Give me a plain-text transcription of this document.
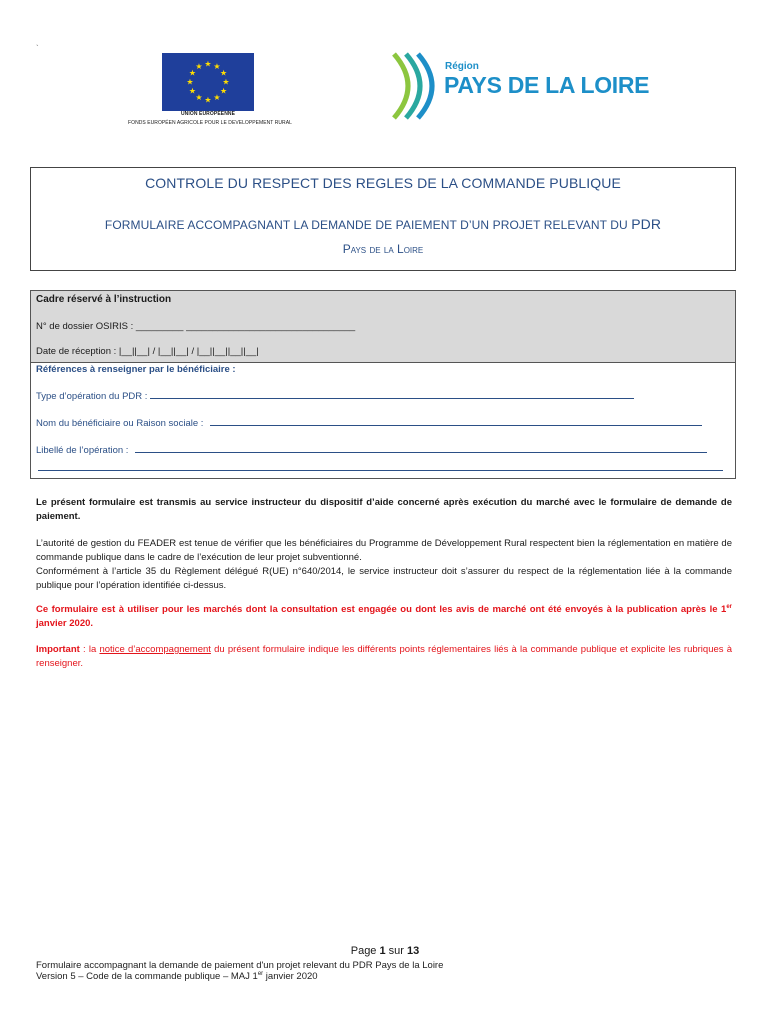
`
★ ★
★
★
★
★
★
★
★
★
★
★
UNION EUROPÉENNE
FONDS EUROPÉEN AGRICOLE POUR LE DEVELOPPEMENT RURAL
Région
PAYS DE LA LOIRE
CONTROLE DU RESPECT DES REGLES DE LA COMMANDE PUBLIQUE
FORMULAIRE ACCOMPAGNANT LA DEMANDE DE PAIEMENT D’UN PROJET RELEVANT DU PDR
Pays de la Loire
Cadre réservé à l’instruction
N° de dossier OSIRIS : _________ ________________________________
Date de réception : |__||__| / |__||__| / |__||__||__||__|
Références à renseigner par le bénéficiaire :
Type d’opération du PDR :
Nom du bénéficiaire ou Raison sociale :
Libellé de l’opération :
Le présent formulaire est transmis au service instructeur du dispositif d’aide concerné après exécution du marché avec le formulaire de demande de paiement.
L’autorité de gestion du FEADER est tenue de vérifier que les bénéficiaires du Programme de Développement Rural respectent bien la réglementation en matière de commande publique dans le cadre de l’exécution de leur projet subventionné.
Conformément à l’article 35 du Règlement délégué R(UE) n°640/2014, le service instructeur doit s’assurer du respect de la réglementation liée à la commande publique pour l’opération identifiée ci-dessus.
Ce formulaire est à utiliser pour les marchés dont la consultation est engagée ou dont les avis de marché ont été envoyés à la publication après le 1er janvier 2020.
Important : la notice d’accompagnement du présent formulaire indique les différents points réglementaires liés à la commande publique et explicite les rubriques à renseigner.
Page 1 sur 13
Formulaire accompagnant la demande de paiement d'un projet relevant du PDR Pays de la Loire
Version 5 – Code de la commande publique – MAJ 1er janvier 2020
